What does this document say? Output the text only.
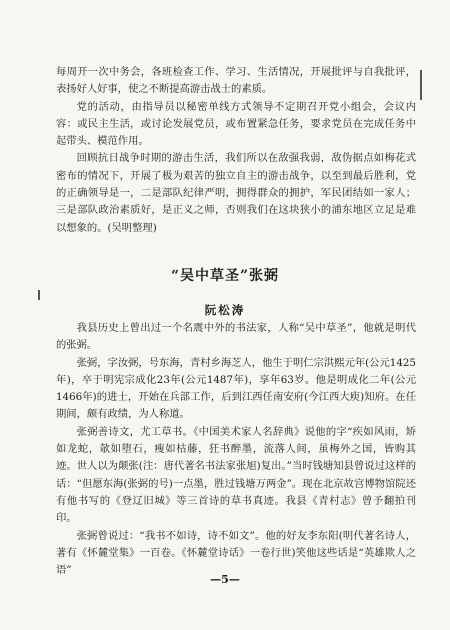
每周开一次中务会，各班检查工作、学习、生活情况，开展批评与自我批评，表扬好人好事，使之不断提高游击战士的素质。

党的活动，由指导员以秘密单线方式领导不定期召开党小组会，会议内容：或民主生活，或讨论发展党员，或布置紧急任务，要求党员在完成任务中起带头、模范作用。

回顾抗日战争时期的游击生活，我们所以在敌强我弱，敌伪据点如梅花式密布的情况下，开展了极为艰苦的独立自主的游击战争，以至到最后胜利，党的正确领导是一，二是部队纪律严明，拥得群众的拥护，军民团结如一家人；三是部队政治素质好，是正义之师，否则我们在这块狭小的浦东地区立足是难以想象的。(吴明整理)

“吴中草圣”张弼
阮松涛

我县历史上曾出过一个名震中外的书法家，人称“吴中草圣”，他就是明代的张弼。

张弼，字汝弼，号东海，青村乡海芝人，他生于明仁宗洪熙元年(公元1425年)，卒于明宪宗成化23年(公元1487年)，享年63岁。他是明成化二年(公元1466年)的进士，开始在兵部工作，后到江西任南安府(今江西大庾)知府。在任期间，颇有政绩，为人称道。

张弼善诗文，尤工草书。《中国美术家人名辞典》说他的字“疾如风雨，矫如龙蛇，欹如堕石，瘦如枯藤，狂书醉墨，流落人间，虽梅外之国，皆购其迹。世人以为颠张(注：唐代著名书法家张旭)复出。”当时钱塘知县曾说过这样的话：“但愿东海(张弼的号)一点墨，胜过钱塘万两金”。现在北京故宫博物馆院还有他书写的《登辽旧城》等三首诗的草书真迹。我县《青村志》曾予翻拍刊印。

张弼曾说过：“我书不如诗，诗不如文”。他的好友李东阳(明代著名诗人，著有《怀麓堂集》一百卷。《怀麓堂诗话》一卷行世)笑他这些话是“英雄欺人之语”

—5—
